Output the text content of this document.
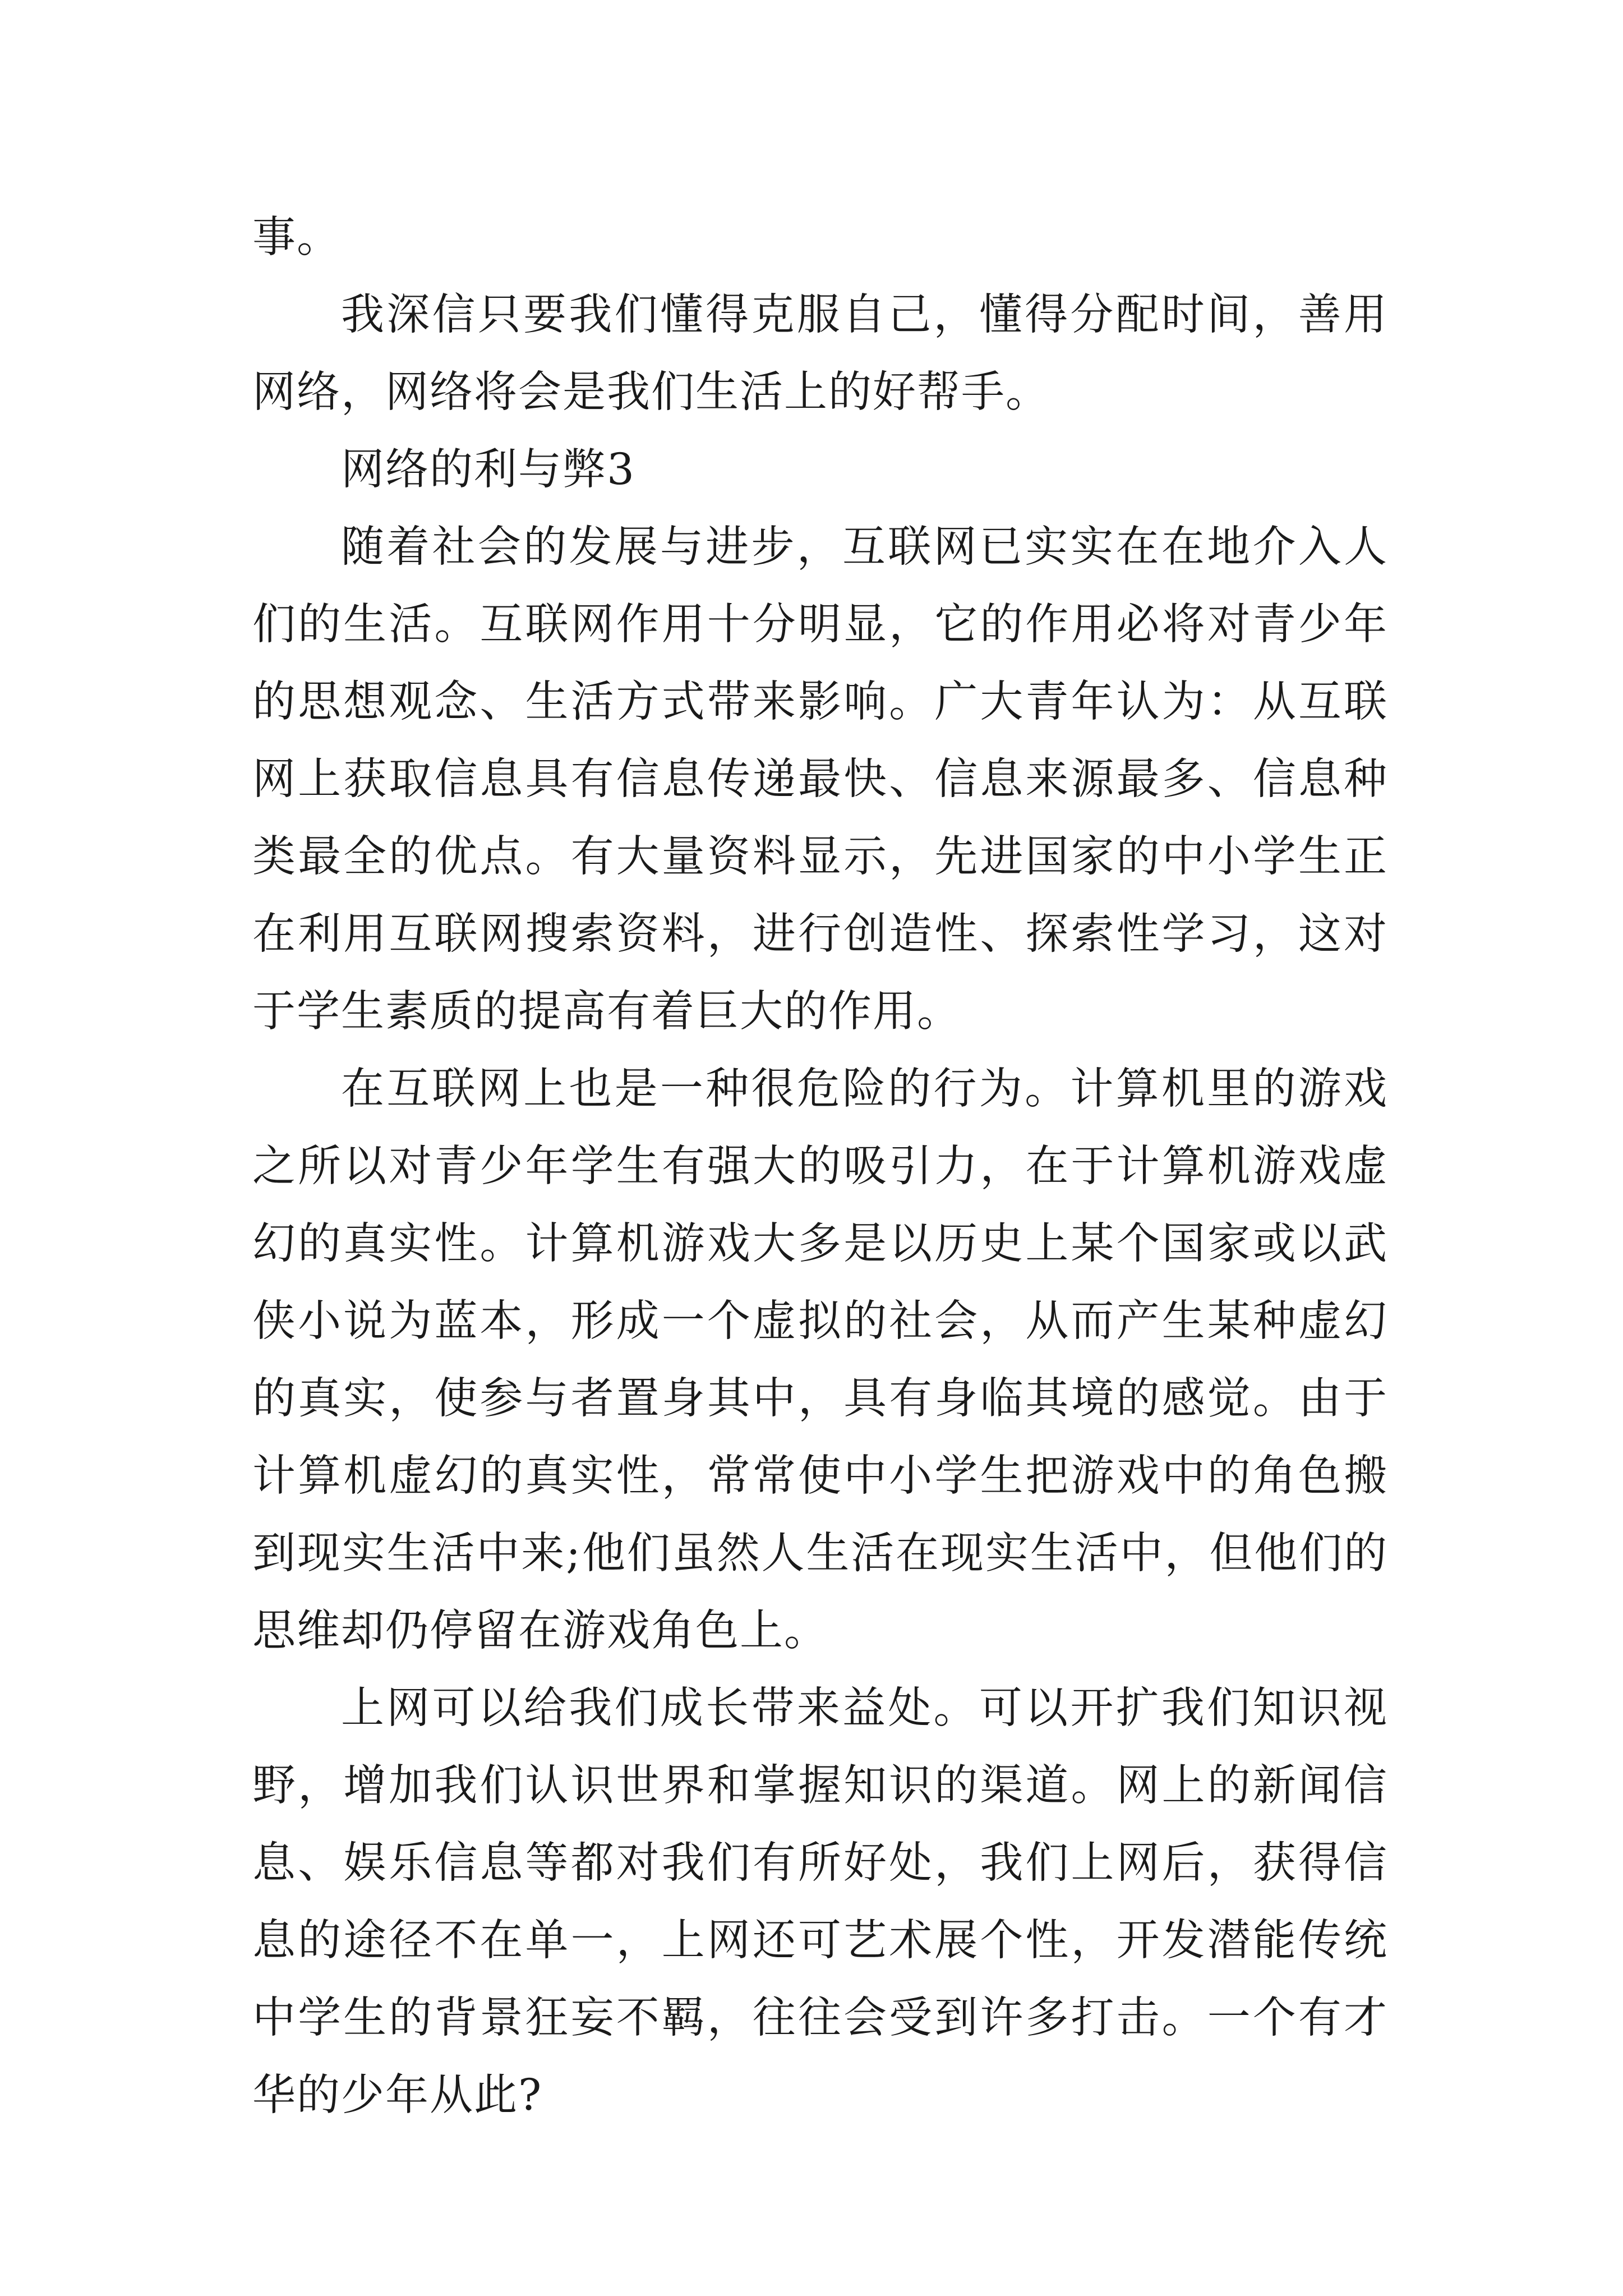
事。

我深信只要我们懂得克服自己，懂得分配时间，善用网络，网络将会是我们生活上的好帮手。

网络的利与弊3

随着社会的发展与进步，互联网已实实在在地介入人们的生活。互联网作用十分明显，它的作用必将对青少年的思想观念、生活方式带来影响。广大青年认为：从互联网上获取信息具有信息传递最快、信息来源最多、信息种类最全的优点。有大量资料显示，先进国家的中小学生正在利用互联网搜索资料，进行创造性、探索性学习，这对于学生素质的提高有着巨大的作用。

在互联网上也是一种很危险的行为。计算机里的游戏之所以对青少年学生有强大的吸引力，在于计算机游戏虚幻的真实性。计算机游戏大多是以历史上某个国家或以武侠小说为蓝本，形成一个虚拟的社会，从而产生某种虚幻的真实，使参与者置身其中，具有身临其境的感觉。由于计算机虚幻的真实性，常常使中小学生把游戏中的角色搬到现实生活中来;他们虽然人生活在现实生活中，但他们的思维却仍停留在游戏角色上。

上网可以给我们成长带来益处。可以开扩我们知识视野，增加我们认识世界和掌握知识的渠道。网上的新闻信息、娱乐信息等都对我们有所好处，我们上网后，获得信息的途径不在单一，上网还可艺术展个性，开发潜能传统中学生的背景狂妄不羁，往往会受到许多打击。一个有才华的少年从此?
